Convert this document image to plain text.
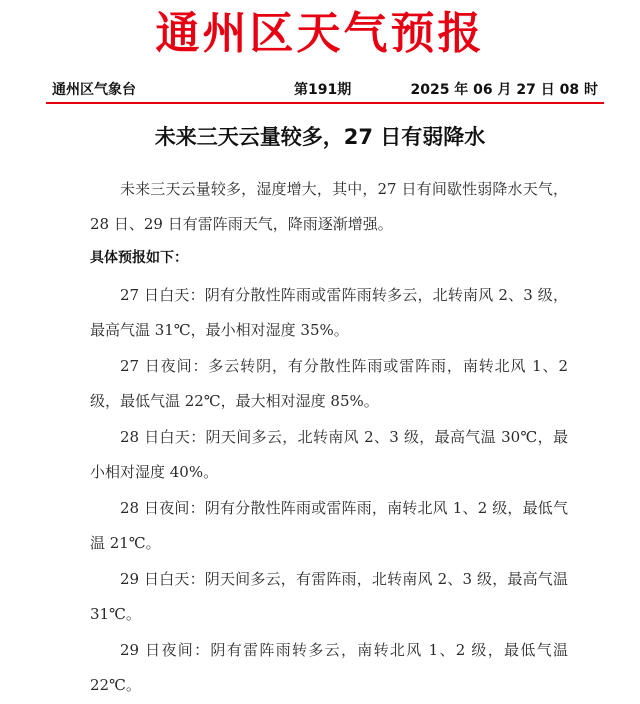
通州区天气预报
通州区气象台	第191期	2025 年 06 月 27 日 08 时
未来三天云量较多，27 日有弱降水

未来三天云量较多，湿度增大，其中，27 日有间歇性弱降水天气，28 日、29 日有雷阵雨天气，降雨逐渐增强。

具体预报如下：

27 日白天：阴有分散性阵雨或雷阵雨转多云，北转南风 2、3 级，最高气温 31℃，最小相对湿度 35%。

27 日夜间：多云转阴，有分散性阵雨或雷阵雨，南转北风 1、2 级，最低气温 22℃，最大相对湿度 85%。

28 日白天：阴天间多云，北转南风 2、3 级，最高气温 30℃，最小相对湿度 40%。

28 日夜间：阴有分散性阵雨或雷阵雨，南转北风 1、2 级，最低气温 21℃。

29 日白天：阴天间多云，有雷阵雨，北转南风 2、3 级，最高气温 31℃。

29 日夜间：阴有雷阵雨转多云，南转北风 1、2 级，最低气温 22℃。
